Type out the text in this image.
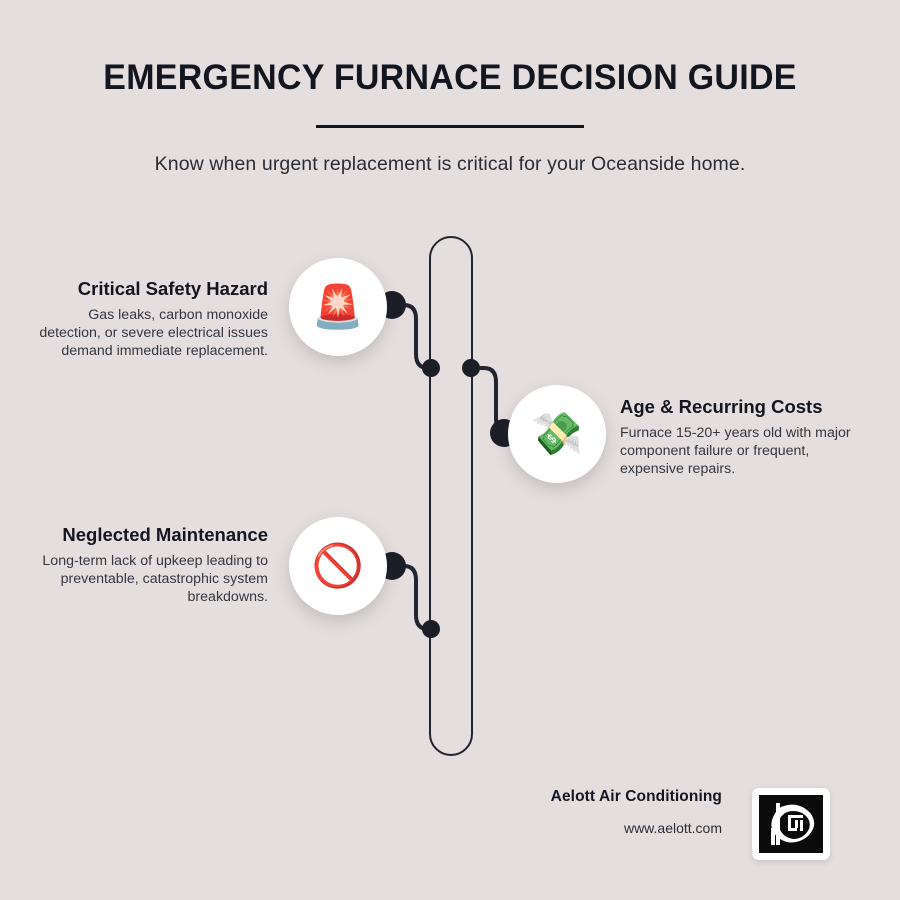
EMERGENCY FURNACE DECISION GUIDE
Know when urgent replacement is critical for your Oceanside home.
🚨
💸
🚫
Critical Safety Hazard
Gas leaks, carbon monoxide detection, or severe electrical issues demand immediate replacement.
Age & Recurring Costs
Furnace 15-20+ years old with major component failure or frequent, expensive repairs.
Neglected Maintenance
Long-term lack of upkeep leading to preventable, catastrophic system breakdowns.
Aelott Air Conditioning
www.aelott.com
